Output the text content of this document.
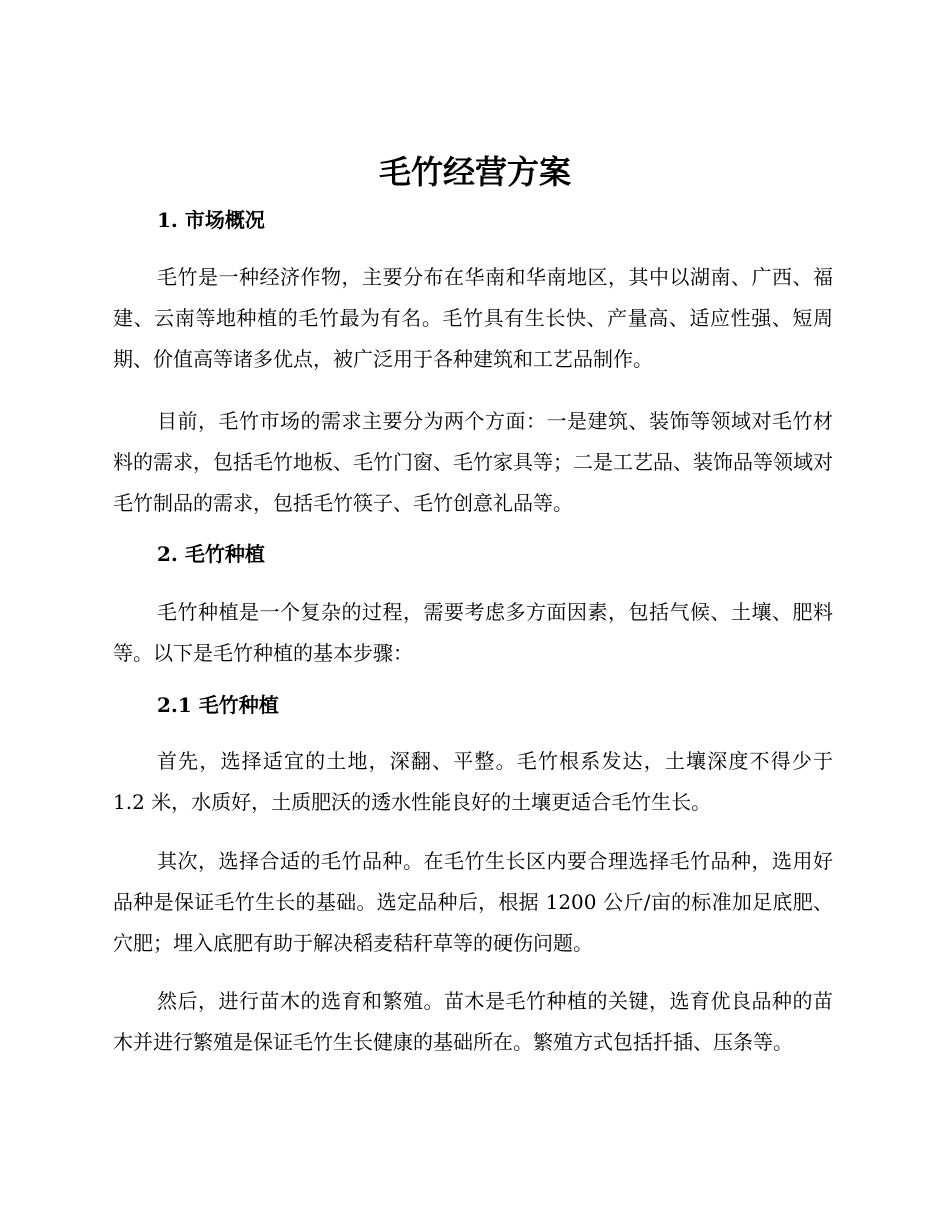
毛竹经营方案
1. 市场概况

毛竹是一种经济作物，主要分布在华南和华南地区，其中以湖南、广西、福建、云南等地种植的毛竹最为有名。毛竹具有生长快、产量高、适应性强、短周期、价值高等诸多优点，被广泛用于各种建筑和工艺品制作。

目前，毛竹市场的需求主要分为两个方面：一是建筑、装饰等领域对毛竹材料的需求，包括毛竹地板、毛竹门窗、毛竹家具等；二是工艺品、装饰品等领域对毛竹制品的需求，包括毛竹筷子、毛竹创意礼品等。

2. 毛竹种植

毛竹种植是一个复杂的过程，需要考虑多方面因素，包括气候、土壤、肥料等。以下是毛竹种植的基本步骤：

2.1 毛竹种植

首先，选择适宜的土地，深翻、平整。毛竹根系发达，土壤深度不得少于 1.2 米，水质好，土质肥沃的透水性能良好的土壤更适合毛竹生长。

其次，选择合适的毛竹品种。在毛竹生长区内要合理选择毛竹品种，选用好品种是保证毛竹生长的基础。选定品种后，根据 1200 公斤/亩的标准加足底肥、穴肥；埋入底肥有助于解决稻麦秸秆草等的硬伤问题。

然后，进行苗木的选育和繁殖。苗木是毛竹种植的关键，选育优良品种的苗木并进行繁殖是保证毛竹生长健康的基础所在。繁殖方式包括扦插、压条等。
